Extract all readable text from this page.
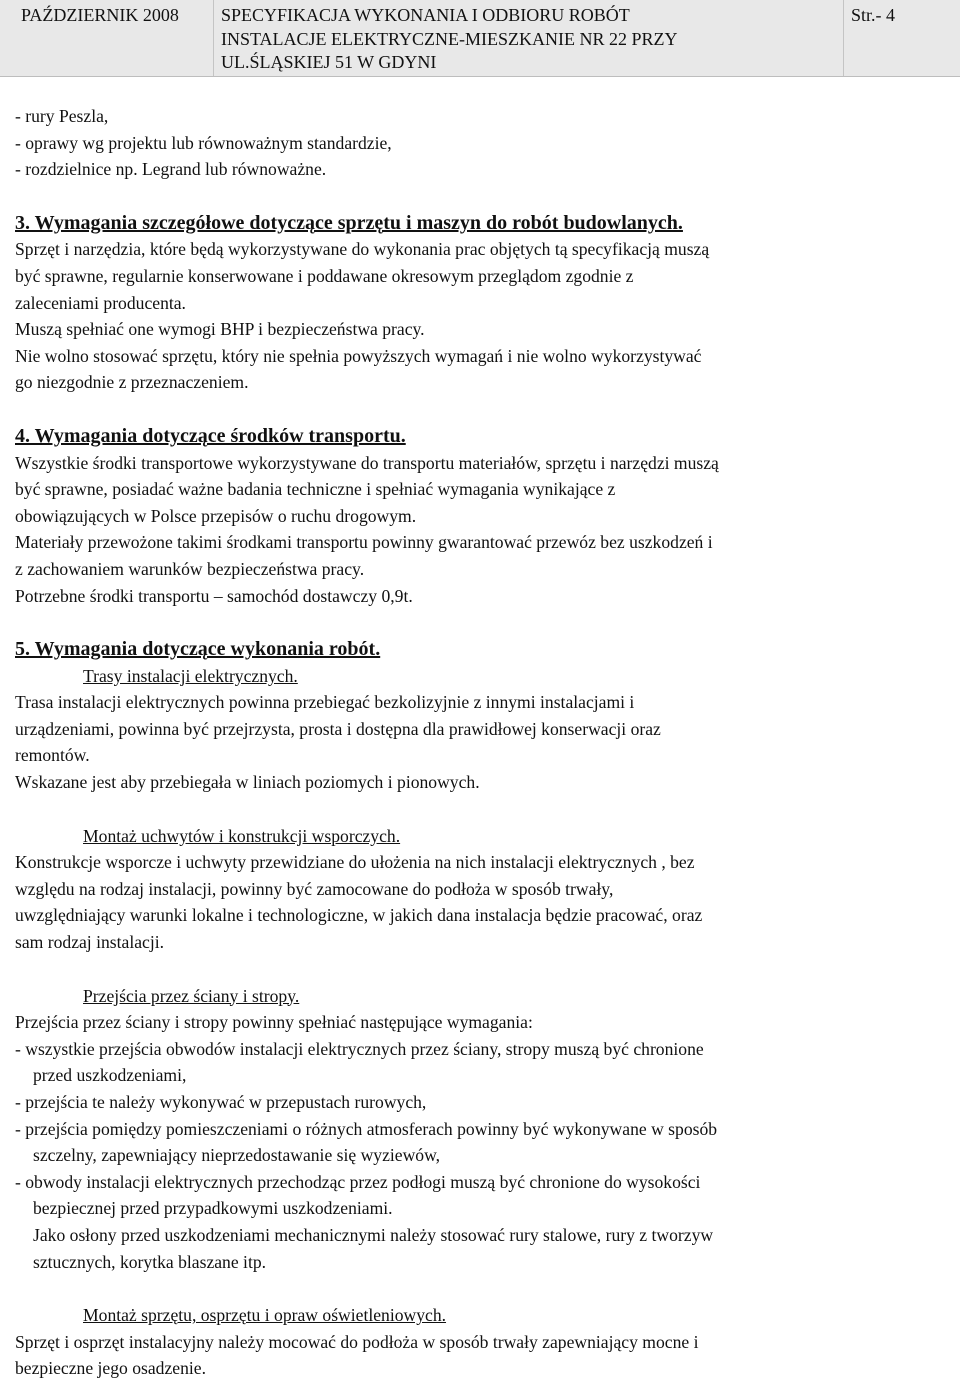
PAŹDZIERNIK 2008 SPECYFIKACJA WYKONANIA I ODBIORU ROBÓT
INSTALACJE ELEKTRYCZNE-MIESZKANIE NR 22 PRZY
UL.ŚLĄSKIEJ 51 W GDYNI
Str.- 4
- rury Peszla,
- oprawy wg projektu lub równoważnym standardzie,
- rozdzielnice np. Legrand lub równoważne.
3. Wymagania szczegółowe dotyczące sprzętu i maszyn do robót budowlanych.
Sprzęt i narzędzia, które będą wykorzystywane do wykonania prac objętych tą specyfikacją muszą
być sprawne, regularnie konserwowane i poddawane okresowym przeglądom zgodnie z
zaleceniami producenta.
Muszą spełniać one wymogi BHP i bezpieczeństwa pracy.
Nie wolno stosować sprzętu, który nie spełnia powyższych wymagań i nie wolno wykorzystywać
go niezgodnie z przeznaczeniem.
4. Wymagania dotyczące środków transportu.
Wszystkie środki transportowe wykorzystywane do transportu materiałów, sprzętu i narzędzi muszą
być sprawne, posiadać ważne badania techniczne i spełniać wymagania wynikające z
obowiązujących w Polsce przepisów o ruchu drogowym.
Materiały przewożone takimi środkami transportu powinny gwarantować przewóz bez uszkodzeń i
z zachowaniem warunków bezpieczeństwa pracy.
Potrzebne środki transportu – samochód dostawczy 0,9t.
5. Wymagania dotyczące wykonania robót.
Trasy instalacji elektrycznych.
Trasa instalacji elektrycznych powinna przebiegać bezkolizyjnie z innymi instalacjami i
urządzeniami, powinna być przejrzysta, prosta i dostępna dla prawidłowej konserwacji oraz
remontów.
Wskazane jest aby przebiegała w liniach poziomych i pionowych.
Montaż uchwytów i konstrukcji wsporczych.
Konstrukcje wsporcze i uchwyty przewidziane do ułożenia na nich instalacji elektrycznych , bez
względu na rodzaj instalacji, powinny być zamocowane do podłoża w sposób trwały,
uwzględniający warunki lokalne i technologiczne, w jakich dana instalacja będzie pracować, oraz
sam rodzaj instalacji.
Przejścia przez ściany i stropy.
Przejścia przez ściany i stropy powinny spełniać następujące wymagania:
- wszystkie przejścia obwodów instalacji elektrycznych przez ściany, stropy muszą być chronione
przed uszkodzeniami,
- przejścia te należy wykonywać w przepustach rurowych,
- przejścia pomiędzy pomieszczeniami o różnych atmosferach powinny być wykonywane w sposób
szczelny, zapewniający nieprzedostawanie się wyziewów,
- obwody instalacji elektrycznych przechodząc przez podłogi muszą być chronione do wysokości
bezpiecznej przed przypadkowymi uszkodzeniami.
Jako osłony przed uszkodzeniami mechanicznymi należy stosować rury stalowe, rury z tworzyw
sztucznych, korytka blaszane itp.
Montaż sprzętu, osprzętu i opraw oświetleniowych.
Sprzęt i osprzęt instalacyjny należy mocować do podłoża w sposób trwały zapewniający mocne i
bezpieczne jego osadzenie.
